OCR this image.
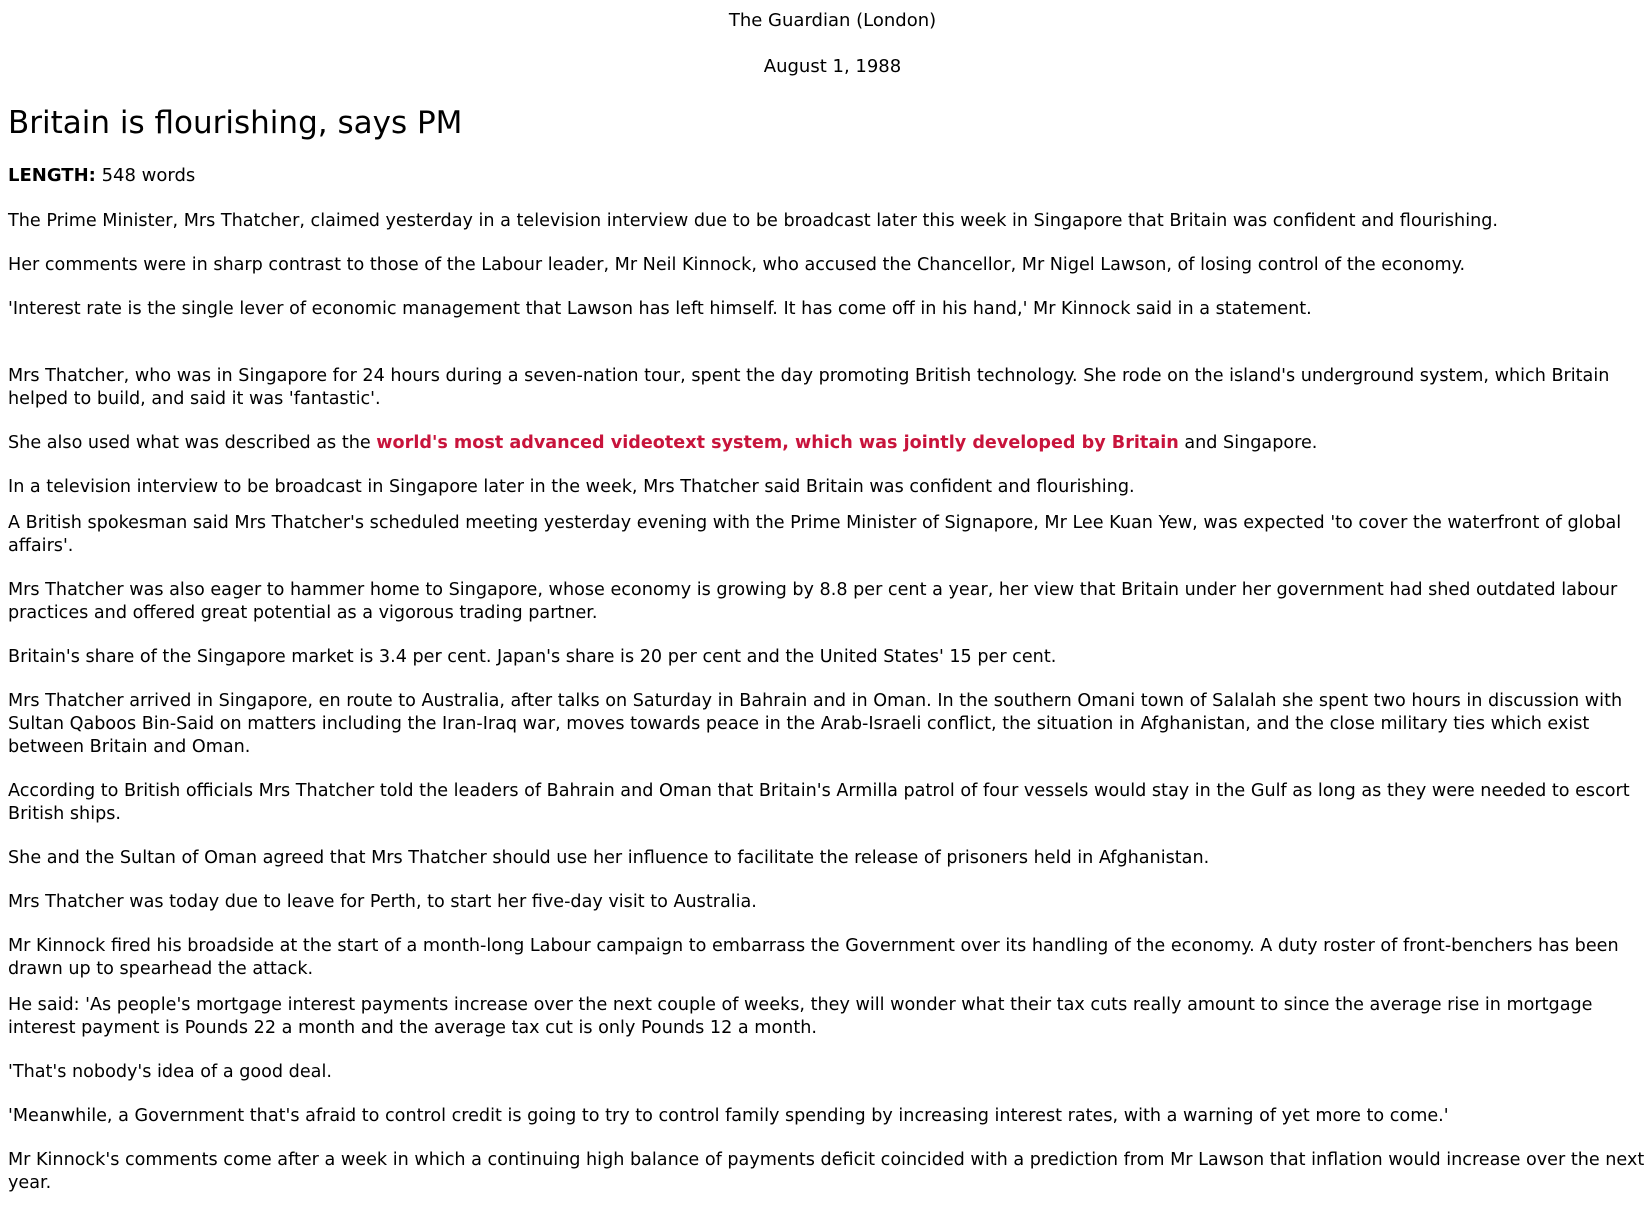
The Guardian (London)
August 1, 1988
Britain is flourishing, says PM
LENGTH: 548 words

The Prime Minister, Mrs Thatcher, claimed yesterday in a television interview due to be broadcast later this week in Singapore that Britain was confident and flourishing.

Her comments were in sharp contrast to those of the Labour leader, Mr Neil Kinnock, who accused the Chancellor, Mr Nigel Lawson, of losing control of the economy.

'Interest rate is the single lever of economic management that Lawson has left himself. It has come off in his hand,' Mr Kinnock said in a statement.

Mrs Thatcher, who was in Singapore for 24 hours during a seven-nation tour, spent the day promoting British technology. She rode on the island's underground system, which Britain helped to build, and said it was 'fantastic'.

She also used what was described as the world's most advanced videotext system, which was jointly developed by Britain and Singapore.

In a television interview to be broadcast in Singapore later in the week, Mrs Thatcher said Britain was confident and flourishing.

A British spokesman said Mrs Thatcher's scheduled meeting yesterday evening with the Prime Minister of Signapore, Mr Lee Kuan Yew, was expected 'to cover the waterfront of global affairs'.

Mrs Thatcher was also eager to hammer home to Singapore, whose economy is growing by 8.8 per cent a year, her view that Britain under her government had shed outdated labour practices and offered great potential as a vigorous trading partner.

Britain's share of the Singapore market is 3.4 per cent. Japan's share is 20 per cent and the United States' 15 per cent.

Mrs Thatcher arrived in Singapore, en route to Australia, after talks on Saturday in Bahrain and in Oman. In the southern Omani town of Salalah she spent two hours in discussion with Sultan Qaboos Bin-Said on matters including the Iran-Iraq war, moves towards peace in the Arab-Israeli conflict, the situation in Afghanistan, and the close military ties which exist between Britain and Oman.

According to British officials Mrs Thatcher told the leaders of Bahrain and Oman that Britain's Armilla patrol of four vessels would stay in the Gulf as long as they were needed to escort British ships.

She and the Sultan of Oman agreed that Mrs Thatcher should use her influence to facilitate the release of prisoners held in Afghanistan.

Mrs Thatcher was today due to leave for Perth, to start her five-day visit to Australia.

Mr Kinnock fired his broadside at the start of a month-long Labour campaign to embarrass the Government over its handling of the economy. A duty roster of front-benchers has been drawn up to spearhead the attack.

He said: 'As people's mortgage interest payments increase over the next couple of weeks, they will wonder what their tax cuts really amount to since the average rise in mortgage interest payment is Pounds 22 a month and the average tax cut is only Pounds 12 a month.

'That's nobody's idea of a good deal.

'Meanwhile, a Government that's afraid to control credit is going to try to control family spending by increasing interest rates, with a warning of yet more to come.'

Mr Kinnock's comments come after a week in which a continuing high balance of payments deficit coincided with a prediction from Mr Lawson that inflation would increase over the next year.
